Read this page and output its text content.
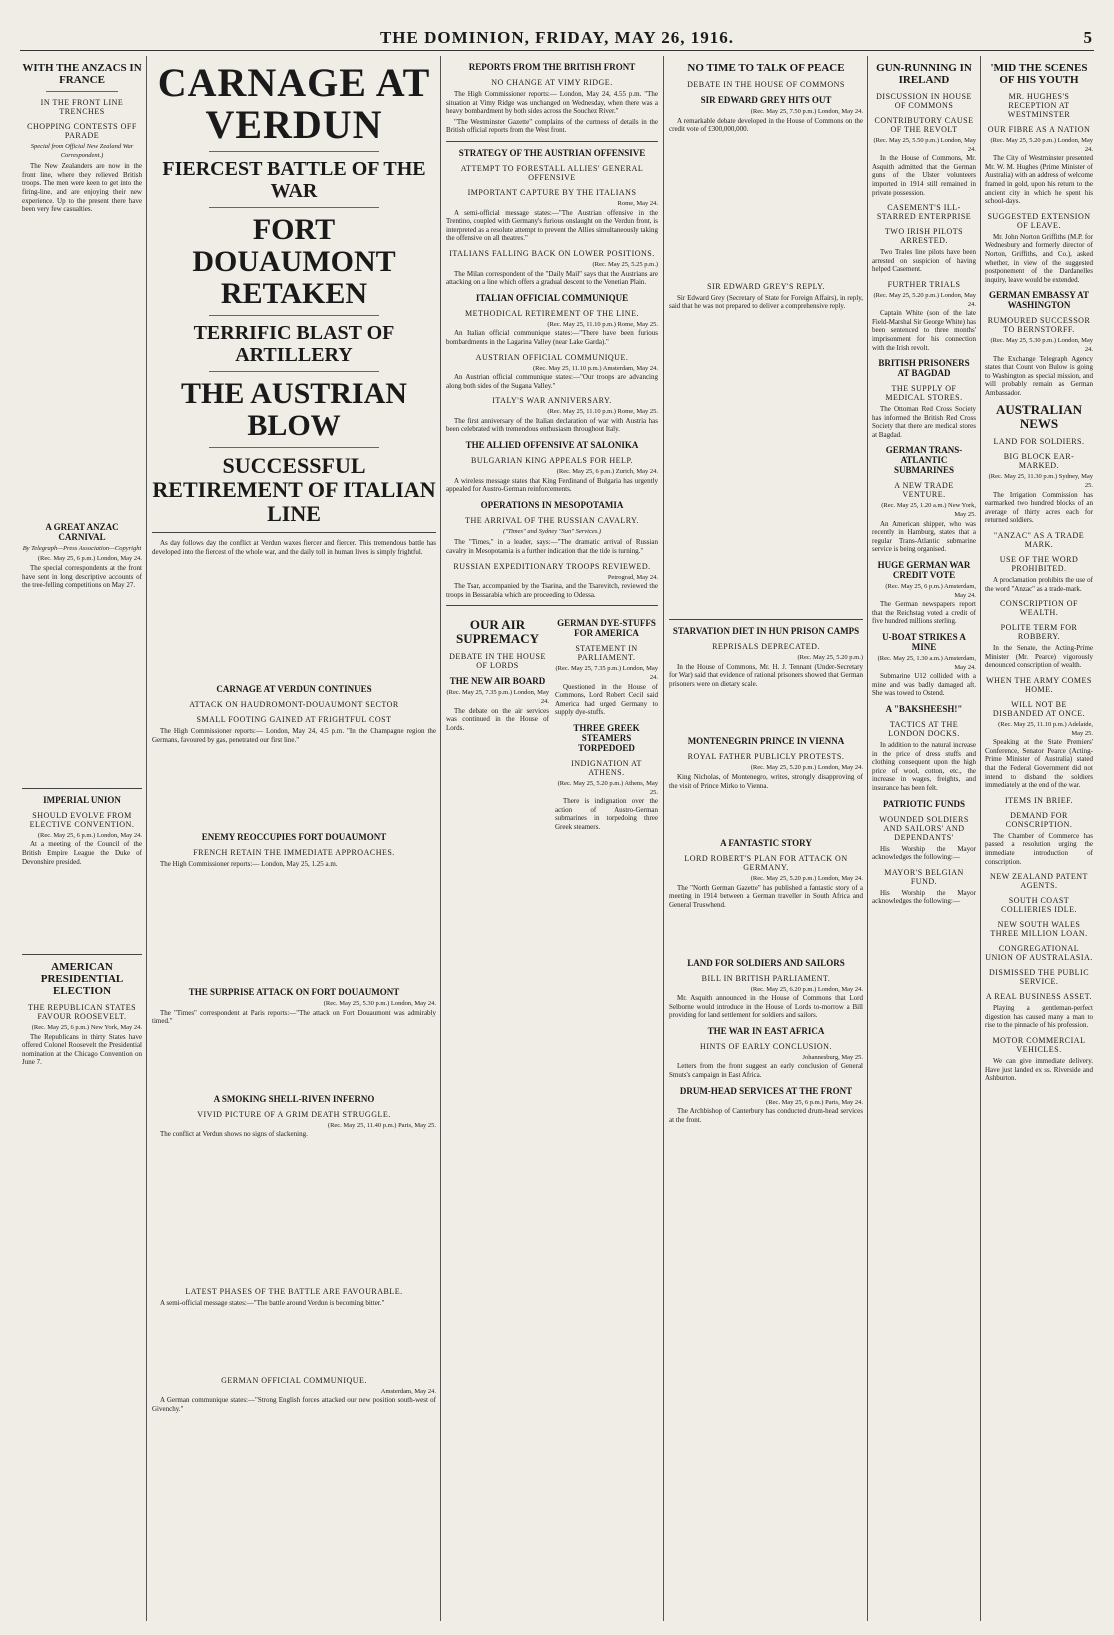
THE DOMINION, FRIDAY, MAY 26, 1916.	5
WITH THE ANZACS IN FRANCE
IN THE FRONT LINE TRENCHES
CHOPPING CONTESTS OFF PARADE
Special from Official New Zealand War Correspondent.)

The New Zealanders are now in the front line, where they relieved British troops. The men were keen to get into the firing-line, and are enjoying their new experience. Up to the present there have been very few casualties.

A GREAT ANZAC CARNIVAL
By Telegraph—Press Association—Copyright
(Rec. May 25, 6 p.m.) London, May 24.

The special correspondents at the front have sent in long descriptive accounts of the tree-felling competitions on May 27.

IMPERIAL UNION
SHOULD EVOLVE FROM ELECTIVE CONVENTION.
(Rec. May 25, 6 p.m.) London, May 24.

At a meeting of the Council of the British Empire League the Duke of Devonshire presided.

AMERICAN PRESIDENTIAL ELECTION
THE REPUBLICAN STATES FAVOUR ROOSEVELT.
(Rec. May 25, 6 p.m.) New York, May 24.

The Republicans in thirty States have offered Colonel Roosevelt the Presidential nomination at the Chicago Convention on June 7.

CARNAGE AT VERDUN
FIERCEST BATTLE OF THE WAR
FORT DOUAUMONT RETAKEN
TERRIFIC BLAST OF ARTILLERY
THE AUSTRIAN BLOW
SUCCESSFUL RETIREMENT OF ITALIAN LINE

As day follows day the conflict at Verdun waxes fiercer and fiercer. This tremendous battle has developed into the fiercest of the whole war, and the daily toll in human lives is simply frightful.

CARNAGE AT VERDUN CONTINUES
ATTACK ON HAUDROMONT-DOUAUMONT SECTOR
SMALL FOOTING GAINED AT FRIGHTFUL COST

The High Commissioner reports:— London, May 24, 4.5 p.m. "In the Champagne region the Germans, favoured by gas, penetrated our first line."

ENEMY REOCCUPIES FORT DOUAUMONT
FRENCH RETAIN THE IMMEDIATE APPROACHES.

The High Commissioner reports:— London, May 25, 1.25 a.m.

THE SURPRISE ATTACK ON FORT DOUAUMONT
(Rec. May 25, 5.30 p.m.) London, May 24.

The "Times" correspondent at Paris reports:—"The attack on Fort Douaumont was admirably timed."

A SMOKING SHELL-RIVEN INFERNO
VIVID PICTURE OF A GRIM DEATH STRUGGLE.
(Rec. May 25, 11.40 p.m.) Paris, May 25.

The conflict at Verdun shows no signs of slackening.

LATEST PHASES OF THE BATTLE ARE FAVOURABLE.

A semi-official message states:—"The battle around Verdun is becoming bitter."

GERMAN OFFICIAL COMMUNIQUE.
Amsterdam, May 24.

A German communique states:—"Strong English forces attacked our new position south-west of Givenchy."

REPORTS FROM THE BRITISH FRONT
NO CHANGE AT VIMY RIDGE.

The High Commissioner reports:— London, May 24, 4.55 p.m. "The situation at Vimy Ridge was unchanged on Wednesday, when there was a heavy bombardment by both sides across the Souchez River."

"The Westminster Gazette" complains of the curtness of details in the British official reports from the West front.

STRATEGY OF THE AUSTRIAN OFFENSIVE
ATTEMPT TO FORESTALL ALLIES' GENERAL OFFENSIVE
IMPORTANT CAPTURE BY THE ITALIANS
Rome, May 24.

A semi-official message states:—"The Austrian offensive in the Trentino, coupled with Germany's furious onslaught on the Verdun front, is interpreted as a resolute attempt to prevent the Allies simultaneously taking the offensive on all theatres."

ITALIANS FALLING BACK ON LOWER POSITIONS.
(Rec. May 25, 5.25 p.m.)

The Milan correspondent of the "Daily Mail" says that the Austrians are attacking on a line which offers a gradual descent to the Venetian Plain.

ITALIAN OFFICIAL COMMUNIQUE
METHODICAL RETIREMENT OF THE LINE.
(Rec. May 25, 11.10 p.m.) Rome, May 25.

An Italian official communique states:—"There have been furious bombardments in the Lagarina Valley (near Lake Garda)."

AUSTRIAN OFFICIAL COMMUNIQUE.
(Rec. May 25, 11.10 p.m.) Amsterdam, May 24.

An Austrian official communique states:—"Our troops are advancing along both sides of the Sugana Valley."

ITALY'S WAR ANNIVERSARY.
(Rec. May 25, 11.10 p.m.) Rome, May 25.

The first anniversary of the Italian declaration of war with Austria has been celebrated with tremendous enthusiasm throughout Italy.

THE ALLIED OFFENSIVE AT SALONIKA
BULGARIAN KING APPEALS FOR HELP.
(Rec. May 25, 6 p.m.) Zurich, May 24.

A wireless message states that King Ferdinand of Bulgaria has urgently appealed for Austro-German reinforcements.

OPERATIONS IN MESOPOTAMIA
THE ARRIVAL OF THE RUSSIAN CAVALRY.
("Times" and Sydney "Sun" Services.)

The "Times," in a leader, says:—"The dramatic arrival of Russian cavalry in Mesopotamia is a further indication that the tide is turning."

RUSSIAN EXPEDITIONARY TROOPS REVIEWED.
Petrograd, May 24.

The Tsar, accompanied by the Tsarina, and the Tsarevitch, reviewed the troops in Bessarabia which are proceeding to Odessa.

OUR AIR SUPREMACY
DEBATE IN THE HOUSE OF LORDS
THE NEW AIR BOARD
(Rec. May 25, 7.35 p.m.) London, May 24.

The debate on the air services was continued in the House of Lords.

GERMAN DYE-STUFFS FOR AMERICA
STATEMENT IN PARLIAMENT.
(Rec. May 25, 7.35 p.m.) London, May 24.

Questioned in the House of Commons, Lord Robert Cecil said America had urged Germany to supply dye-stuffs.

THREE GREEK STEAMERS TORPEDOED
INDIGNATION AT ATHENS.
(Rec. May 25, 5.20 p.m.) Athens, May 25.

There is indignation over the action of Austro-German submarines in torpedoing three Greek steamers.

NO TIME TO TALK OF PEACE
DEBATE IN THE HOUSE OF COMMONS
SIR EDWARD GREY HITS OUT
(Rec. May 25, 7.50 p.m.) London, May 24.

A remarkable debate developed in the House of Commons on the credit vote of £300,000,000.

SIR EDWARD GREY'S REPLY.

Sir Edward Grey (Secretary of State for Foreign Affairs), in reply, said that he was not prepared to deliver a comprehensive reply.

STARVATION DIET IN HUN PRISON CAMPS
REPRISALS DEPRECATED.
(Rec. May 25, 5.20 p.m.)

In the House of Commons, Mr. H. J. Tennant (Under-Secretary for War) said that evidence of rational prisoners showed that German prisoners were on dietary scale.

MONTENEGRIN PRINCE IN VIENNA
ROYAL FATHER PUBLICLY PROTESTS.
(Rec. May 25, 5.20 p.m.) London, May 24.

King Nicholas, of Montenegro, writes, strongly disapproving of the visit of Prince Mirko to Vienna.

A FANTASTIC STORY
LORD ROBERT'S PLAN FOR ATTACK ON GERMANY.
(Rec. May 25, 5.20 p.m.) London, May 24.

The "North German Gazette" has published a fantastic story of a meeting in 1914 between a German traveller in South Africa and General Truswhend.

LAND FOR SOLDIERS AND SAILORS
BILL IN BRITISH PARLIAMENT.
(Rec. May 25, 6.20 p.m.) London, May 24.

Mr. Asquith announced in the House of Commons that Lord Selborne would introduce in the House of Lords to-morrow a Bill providing for land settlement for soldiers and sailors.

THE WAR IN EAST AFRICA
HINTS OF EARLY CONCLUSION.
Johannesburg, May 25.

Letters from the front suggest an early conclusion of General Smuts's campaign in East Africa.

DRUM-HEAD SERVICES AT THE FRONT
(Rec. May 25, 6 p.m.) Paris, May 24.

The Archbishop of Canterbury has conducted drum-head services at the front.

GUN-RUNNING IN IRELAND
DISCUSSION IN HOUSE OF COMMONS
CONTRIBUTORY CAUSE OF THE REVOLT
(Rec. May 25, 5.50 p.m.) London, May 24.

In the House of Commons, Mr. Asquith admitted that the German guns of the Ulster volunteers imported in 1914 still remained in private possession.

CASEMENT'S ILL-STARRED ENTERPRISE
TWO IRISH PILOTS ARRESTED.

Two Trales line pilots have been arrested on suspicion of having helped Casement.

FURTHER TRIALS
(Rec. May 25, 5.20 p.m.) London, May 24.

Captain White (son of the late Field-Marshal Sir George White) has been sentenced to three months' imprisonment for his connection with the Irish revolt.

BRITISH PRISONERS AT BAGDAD
THE SUPPLY OF MEDICAL STORES.

The Ottoman Red Cross Society has informed the British Red Cross Society that there are medical stores at Bagdad.

GERMAN TRANS-ATLANTIC SUBMARINES
A NEW TRADE VENTURE.
(Rec. May 25, 1.20 a.m.) New York, May 25.

An American shipper, who was recently in Hamburg, states that a regular Trans-Atlantic submarine service is being organised.

HUGE GERMAN WAR CREDIT VOTE
(Rec. May 25, 6 p.m.) Amsterdam, May 24.

The German newspapers report that the Reichstag voted a credit of five hundred millions sterling.

U-BOAT STRIKES A MINE
(Rec. May 25, 1.30 a.m.) Amsterdam, May 24.

Submarine U12 collided with a mine and was badly damaged aft. She was towed to Ostend.

A "BAKSHEESH!"
TACTICS AT THE LONDON DOCKS.

In addition to the natural increase in the price of dress stuffs and clothing consequent upon the high price of wool, cotton, etc., the increase in wages, freights, and insurance has been felt.

PATRIOTIC FUNDS
WOUNDED SOLDIERS AND SAILORS' AND DEPENDANTS'

His Worship the Mayor acknowledges the following:—

MAYOR'S BELGIAN FUND.

His Worship the Mayor acknowledges the following:—

'MID THE SCENES OF HIS YOUTH
MR. HUGHES'S RECEPTION AT WESTMINSTER
OUR FIBRE AS A NATION
(Rec. May 25, 5.20 p.m.) London, May 24.

The City of Westminster presented Mr. W. M. Hughes (Prime Minister of Australia) with an address of welcome framed in gold, upon his return to the ancient city in which he spent his school-days.

SUGGESTED EXTENSION OF LEAVE.

Mr. John Norton Griffiths (M.P. for Wednesbury and formerly director of Norton, Griffiths, and Co.), asked whether, in view of the suggested postponement of the Dardanelles inquiry, leave would be extended.

GERMAN EMBASSY AT WASHINGTON
RUMOURED SUCCESSOR TO BERNSTORFF.
(Rec. May 25, 5.30 p.m.) London, May 24.

The Exchange Telegraph Agency states that Count von Bulow is going to Washington as special mission, and will probably remain as German Ambassador.

AUSTRALIAN NEWS
LAND FOR SOLDIERS.
BIG BLOCK EAR-MARKED.
(Rec. May 25, 11.30 p.m.) Sydney, May 25.

The Irrigation Commission has earmarked two hundred blocks of an average of thirty acres each for returned soldiers.

"ANZAC" AS A TRADE MARK.
USE OF THE WORD PROHIBITED.

A proclamation prohibits the use of the word "Anzac" as a trade-mark.

CONSCRIPTION OF WEALTH.
POLITE TERM FOR ROBBERY.

In the Senate, the Acting-Prime Minister (Mr. Pearce) vigorously denounced conscription of wealth.

WHEN THE ARMY COMES HOME.
WILL NOT BE DISBANDED AT ONCE.
(Rec. May 25, 11.10 p.m.) Adelaide, May 25.

Speaking at the State Premiers' Conference, Senator Pearce (Acting-Prime Minister of Australia) stated that the Federal Government did not intend to disband the soldiers immediately at the end of the war.

ITEMS IN BRIEF.
DEMAND FOR CONSCRIPTION.

The Chamber of Commerce has passed a resolution urging the immediate introduction of conscription.

NEW ZEALAND PATENT AGENTS.
SOUTH COAST COLLIERIES IDLE.
NEW SOUTH WALES THREE MILLION LOAN.
CONGREGATIONAL UNION OF AUSTRALASIA.
DISMISSED THE PUBLIC SERVICE.
A REAL BUSINESS ASSET.

Playing a gentleman-perfect digestion has caused many a man to rise to the pinnacle of his profession.

MOTOR COMMERCIAL VEHICLES.

We can give immediate delivery. Have just landed ex ss. Riverside and Ashburton.
